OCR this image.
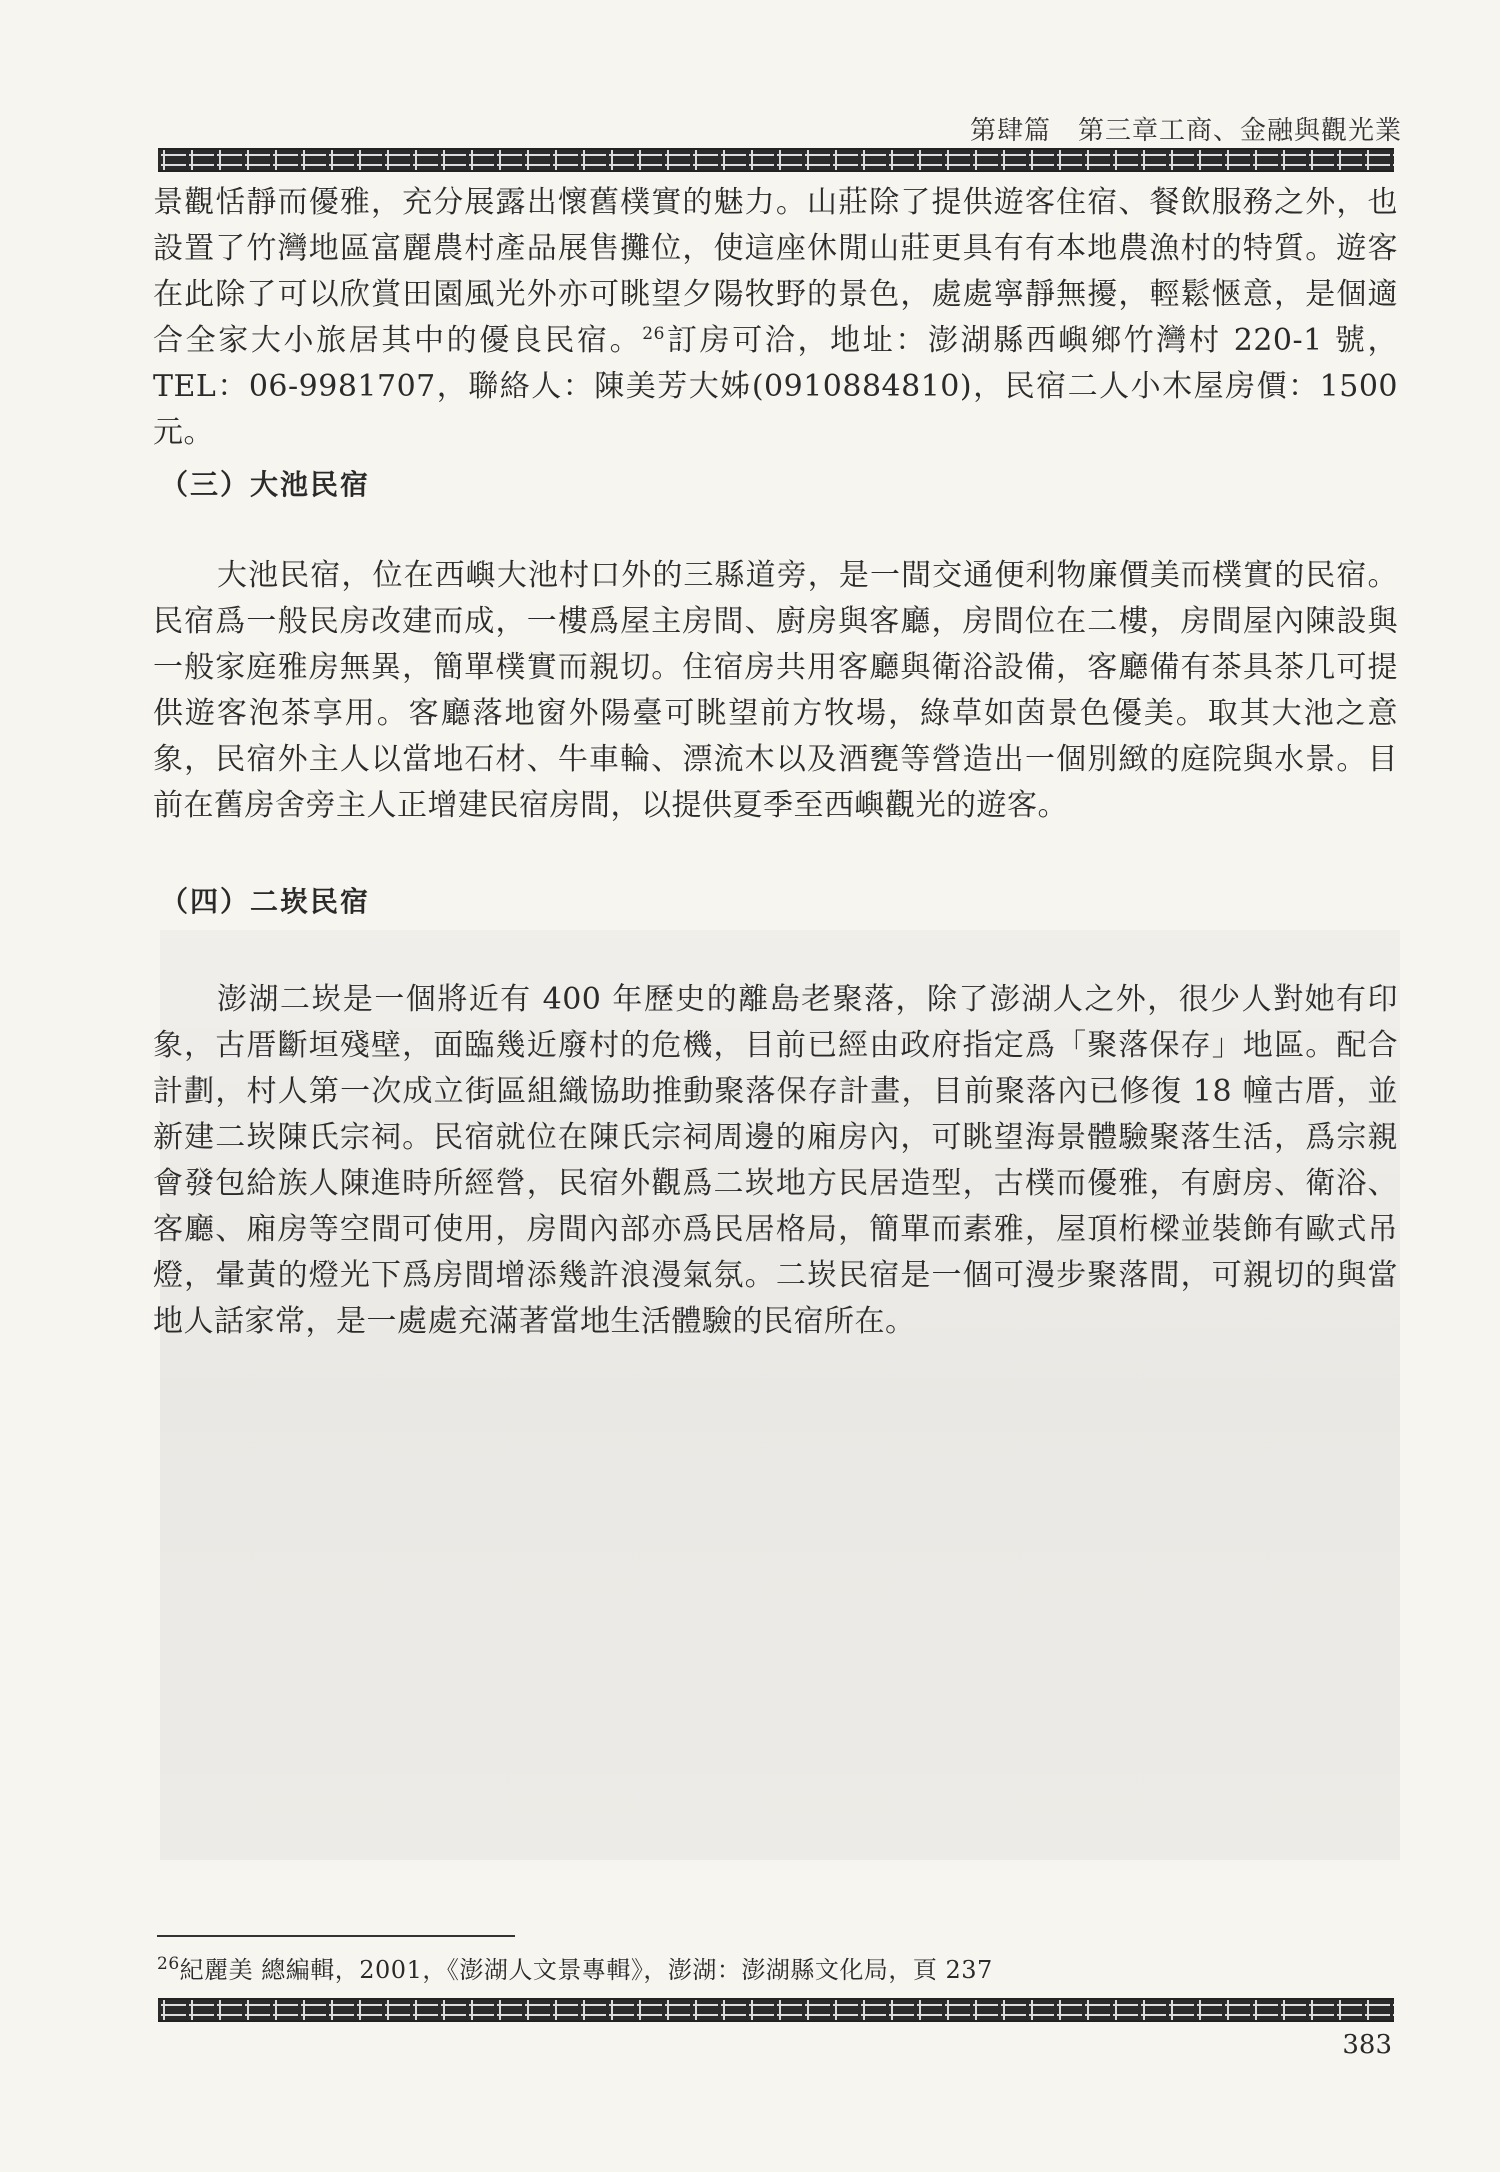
第肆篇　第三章工商、金融與觀光業

景觀恬靜而優雅，充分展露出懷舊樸實的魅力。山莊除了提供遊客住宿、餐飲服務之外，也設置了竹灣地區富麗農村產品展售攤位，使這座休閒山莊更具有有本地農漁村的特質。遊客在此除了可以欣賞田園風光外亦可眺望夕陽牧野的景色，處處寧靜無擾，輕鬆愜意，是個適合全家大小旅居其中的優良民宿。$^{26}$訂房可洽，地址：澎湖縣西嶼鄉竹灣村 220-1 號，TEL：06-9981707，聯絡人：陳美芳大姊(0910884810)，民宿二人小木屋房價：1500 元。

（三）大池民宿

大池民宿，位在西嶼大池村口外的三縣道旁，是一間交通便利物廉價美而樸實的民宿。民宿爲一般民房改建而成，一樓爲屋主房間、廚房與客廳，房間位在二樓，房間屋內陳設與一般家庭雅房無異，簡單樸實而親切。住宿房共用客廳與衛浴設備，客廳備有茶具茶几可提供遊客泡茶享用。客廳落地窗外陽臺可眺望前方牧場，綠草如茵景色優美。取其大池之意象，民宿外主人以當地石材、牛車輪、漂流木以及酒甕等營造出一個別緻的庭院與水景。目前在舊房舍旁主人正增建民宿房間，以提供夏季至西嶼觀光的遊客。

（四）二崁民宿

澎湖二崁是一個將近有 400 年歷史的離島老聚落，除了澎湖人之外，很少人對她有印象，古厝斷垣殘壁，面臨幾近廢村的危機，目前已經由政府指定爲「聚落保存」地區。配合計劃，村人第一次成立街區組織協助推動聚落保存計畫，目前聚落內已修復 18 幢古厝，並新建二崁陳氏宗祠。民宿就位在陳氏宗祠周邊的廂房內，可眺望海景體驗聚落生活，爲宗親會發包給族人陳進時所經營，民宿外觀爲二崁地方民居造型，古樸而優雅，有廚房、衛浴、客廳、廂房等空間可使用，房間內部亦爲民居格局，簡單而素雅，屋頂桁樑並裝飾有歐式吊燈，暈黃的燈光下爲房間增添幾許浪漫氣氛。二崁民宿是一個可漫步聚落間，可親切的與當地人話家常，是一處處充滿著當地生活體驗的民宿所在。

$^{26}$紀麗美 總編輯，2001，《澎湖人文景專輯》，澎湖：澎湖縣文化局，頁 237
383
